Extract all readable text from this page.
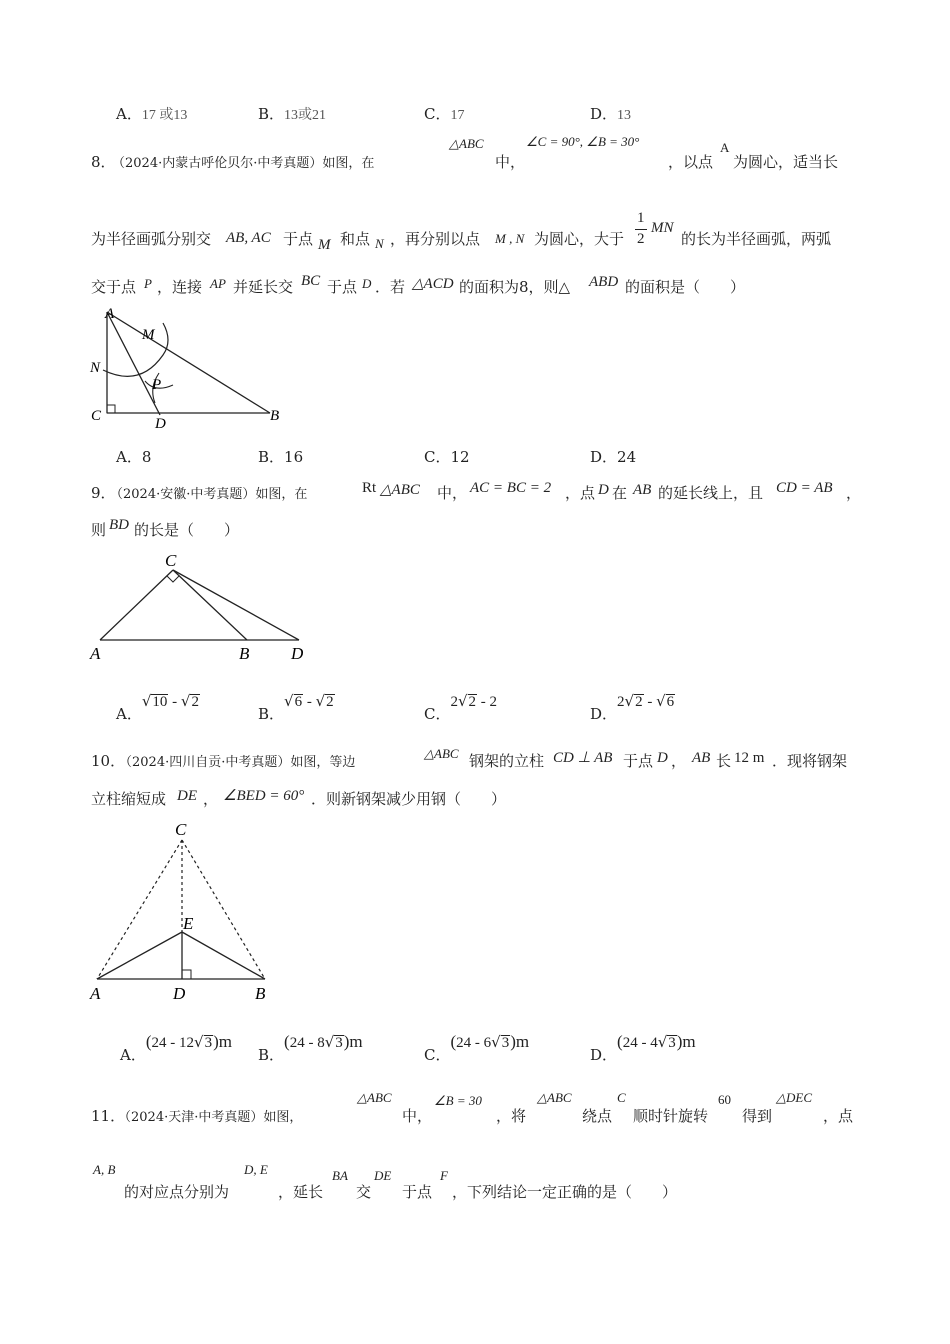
A．17 或13	B．13或21	C．17	D．13
8．
（2024·内蒙古呼伦贝尔·中考真题）如图，在
△ABC
中，
∠C = 90°, ∠B = 30°
，以点
A
为圆心，适当长
为半径画弧分别交 AB, AC 于点 M 和点 N ，再分别以点 M , N 为圆心，大于
1
2
MN
的长为半径画弧，两弧
交于点 P ，连接 AP 并延长交 BC 于点 D ．若 △ACD 的面积为8，则△ ABD 的面积是（　　）
A
M
N
P
C	D	B
A．8	B．16	C．12	D．24
9．
（2024·安徽·中考真题）如图，在	Rt △ABC 中， AC = BC = 2 ，点 D 在 AB 的延长线上，且 CD = AB ，
则 BD 的长是（　　）
C
A	B D
A．√10 - √2
B．√6 - √2
C．2√2 - 2
D．2√2 - √6
10．
（2024·四川自贡·中考真题）如图，等边
△ABC 钢架的立柱 CD ⊥ AB 于点 D ， AB 长 12 m ．现将钢架
立柱缩短成 DE ， ∠BED = 60° ．则新钢架减少用钢（　　）
C
E
A	D	B
A．(24 - 12√3)m
B．(24 - 8√3)m
C．(24 - 6√3)m
D．(24 - 4√3)m
11．
（2024·天津·中考真题）如图，
△ABC
中，
∠B = 30
，将
△ABC
绕点
C
顺时针旋转
60
得到
△DEC
，点
A, B
的对应点分别为
D, E
，延长
BA
交
DE
于点
F
，下列结论一定正确的是（　　）
